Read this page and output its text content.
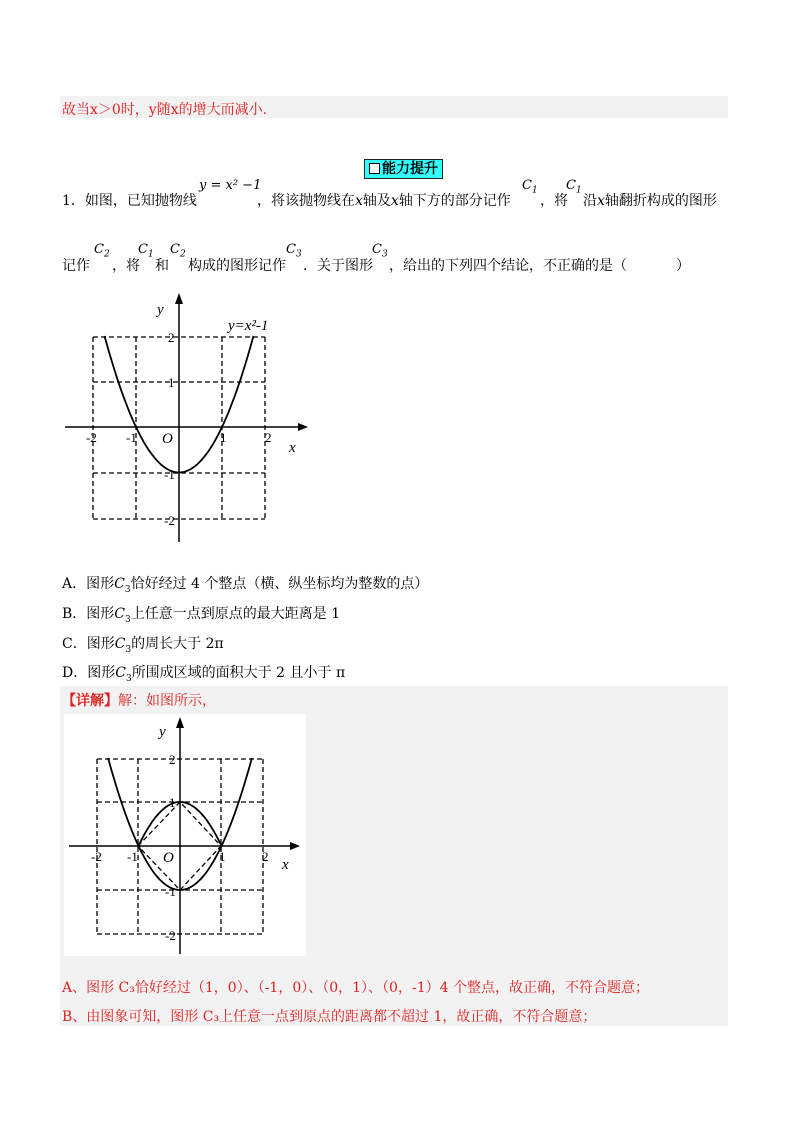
故当x＞0时，y随x的增大而减小.
能力提升
1．如图，已知抛物线
y = x² −1
，将该抛物线在x轴及x轴下方的部分记作
$C_1$
，将
$C_1$
沿x轴翻折构成的图形
记作
$C_2$
，将
$C_1$
和
$C_2$
构成的图形记作
$C_3$
．关于图形
$C_3$
，给出的下列四个结论，不正确的是（	）
y=x²-1
y
x
O
2
1
-1
-2
-1	1	2
-2
A．图形$C_3$恰好经过 4 个整点（横、纵坐标均为整数的点）
B．图形$C_3$上任意一点到原点的最大距离是 1
C．图形$C_3$的周长大于 2π
D．图形$C_3$所围成区域的面积大于 2 且小于 π
【详解】解：如图所示，
y
x
O
2
1
-1
-2
-1	1	2
-2
A、图形 C₃恰好经过（1，0）、（-1，0）、（0，1）、（0，-1）4 个整点，故正确，不符合题意；
B、由图象可知，图形 C₃上任意一点到原点的距离都不超过 1，故正确，不符合题意；
